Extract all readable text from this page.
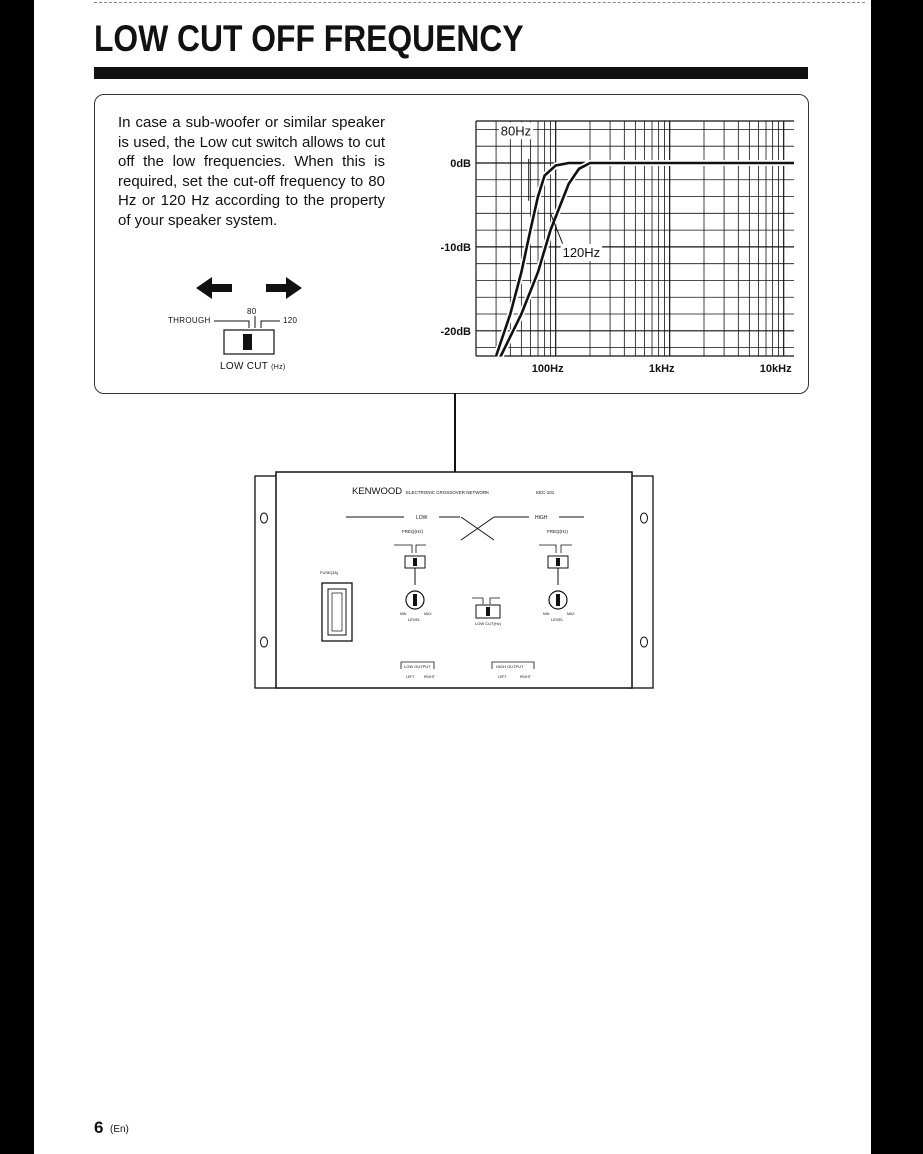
LOW CUT OFF FREQUENCY

In case a sub-woofer or similar speaker is used, the Low cut switch allows to cut off the low frequencies. When this is required, set the cut-off frequency to 80 Hz or 120 Hz according to the property of your speaker system.

THROUGH
80
120
LOW CUT (Hz)
80Hz
120Hz
0dB
-10dB
-20dB
100Hz	1kHz	10kHz
KENWOOD ELECTRONIC CROSSOVER NETWORK	KEC-101
LOW	HIGH
FREQ(Hz)
MIN	MAX
LEVEL
FREQ(Hz)
MIN	MAX
LEVEL
FUSE(3A)
LOW CUT(Hz)
LOW OUTPUT
LEFT	RIGHT
HIGH OUTPUT
LEFT	RIGHT
6 (En)
